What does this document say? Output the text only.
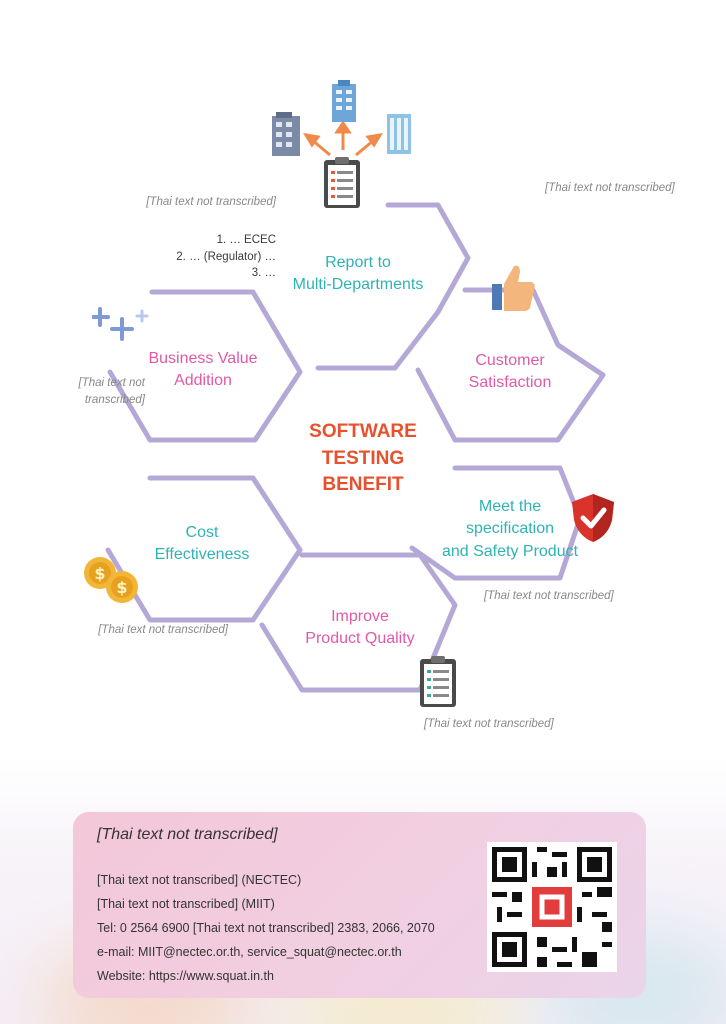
$
$
SOFTWARE
TESTING
BENEFIT
Report to
Multi-Departments
Customer
Satisfaction
Business Value
Addition
Meet the
specification
and Safety Product
Cost
Effectiveness
Improve
Product Quality
[Thai text not transcribed]
1. … ECEC
2. … (Regulator) …
3. …
[Thai text not transcribed]
[Thai text not transcribed]
[Thai text not transcribed]
[Thai text not transcribed]
[Thai text not transcribed]
[Thai text not transcribed]
[Thai text not transcribed] (NECTEC)
[Thai text not transcribed] (MIIT)
Tel: 0 2564 6900 [Thai text not transcribed] 2383, 2066, 2070
e-mail: MIIT@nectec.or.th, service_squat@nectec.or.th
Website: https://www.squat.in.th
